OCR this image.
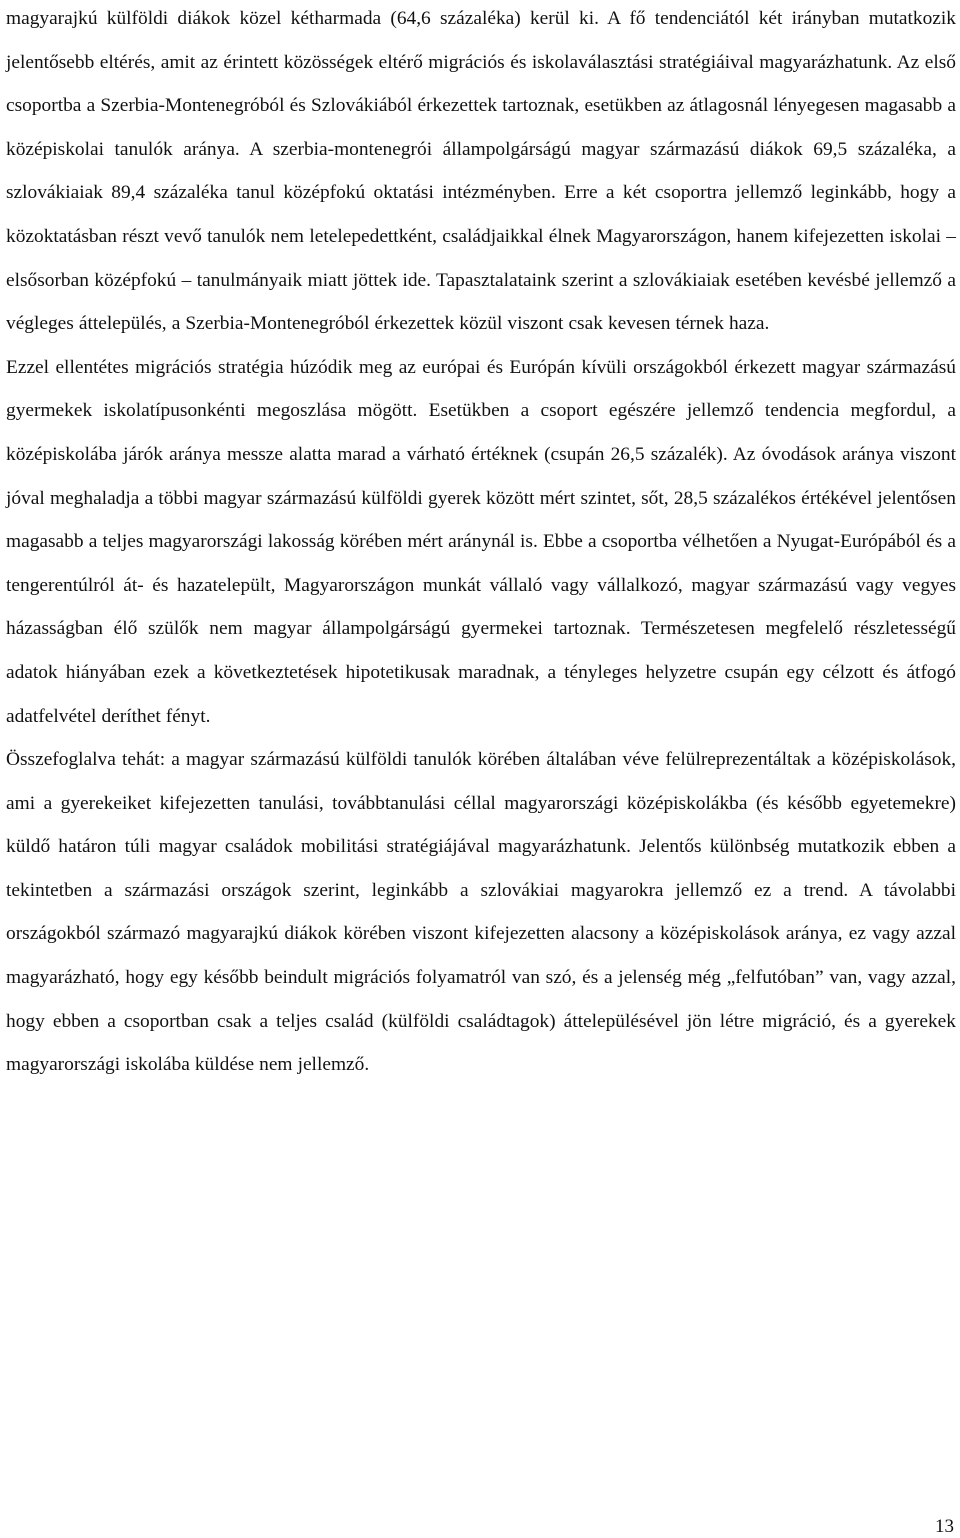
magyarajkú külföldi diákok közel kétharmada (64,6 százaléka) kerül ki. A fő tendenciától két irányban mutatkozik jelentősebb eltérés, amit az érintett közösségek eltérő migrációs és iskolaválasztási stratégiáival magyarázhatunk. Az első csoportba a Szerbia-Montenegróból és Szlovákiából érkezettek tartoznak, esetükben az átlagosnál lényegesen magasabb a középiskolai tanulók aránya. A szerbia-montenegrói állampolgárságú magyar származású diákok 69,5 százaléka, a szlovákiaiak 89,4 százaléka tanul középfokú oktatási intézményben. Erre a két csoportra jellemző leginkább, hogy a közoktatásban részt vevő tanulók nem letelepedettként, családjaikkal élnek Magyarországon, hanem kifejezetten iskolai – elsősorban középfokú – tanulmányaik miatt jöttek ide. Tapasztalataink szerint a szlovákiaiak esetében kevésbé jellemző a végleges áttelepülés, a Szerbia-Montenegróból érkezettek közül viszont csak kevesen térnek haza.

Ezzel ellentétes migrációs stratégia húzódik meg az európai és Európán kívüli országokból érkezett magyar származású gyermekek iskolatípusonkénti megoszlása mögött. Esetükben a csoport egészére jellemző tendencia megfordul, a középiskolába járók aránya messze alatta marad a várható értéknek (csupán 26,5 százalék). Az óvodások aránya viszont jóval meghaladja a többi magyar származású külföldi gyerek között mért szintet, sőt, 28,5 százalékos értékével jelentősen magasabb a teljes magyarországi lakosság körében mért aránynál is. Ebbe a csoportba vélhetően a Nyugat-Európából és a tengerentúlról át- és hazatelepült, Magyarországon munkát vállaló vagy vállalkozó, magyar származású vagy vegyes házasságban élő szülők nem magyar állampolgárságú gyermekei tartoznak. Természetesen megfelelő részletességű adatok hiányában ezek a következtetések hipotetikusak maradnak, a tényleges helyzetre csupán egy célzott és átfogó adatfelvétel deríthet fényt.

Összefoglalva tehát: a magyar származású külföldi tanulók körében általában véve felülreprezentáltak a középiskolások, ami a gyerekeiket kifejezetten tanulási, továbbtanulási céllal magyarországi középiskolákba (és később egyetemekre) küldő határon túli magyar családok mobilitási stratégiájával magyarázhatunk. Jelentős különbség mutatkozik ebben a tekintetben a származási országok szerint, leginkább a szlovákiai magyarokra jellemző ez a trend. A távolabbi országokból származó magyarajkú diákok körében viszont kifejezetten alacsony a középiskolások aránya, ez vagy azzal magyarázható, hogy egy később beindult migrációs folyamatról van szó, és a jelenség még „felfutóban” van, vagy azzal, hogy ebben a csoportban csak a teljes család (külföldi családtagok) áttelepülésével jön létre migráció, és a gyerekek magyarországi iskolába küldése nem jellemző.

13
